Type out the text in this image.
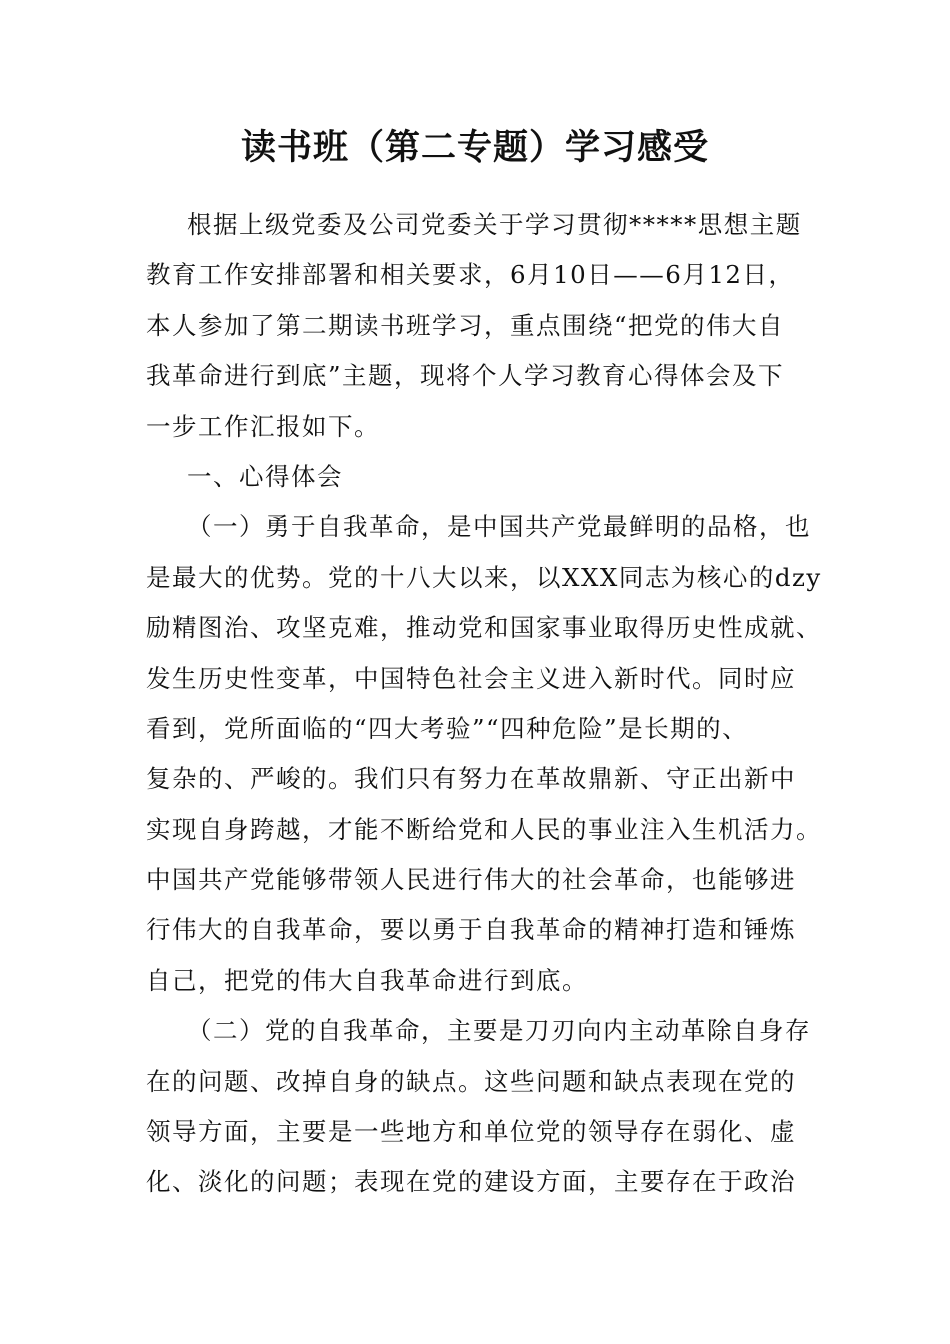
读书班（第二专题）学习感受
根据上级党委及公司党委关于学习贯彻*****思想主题
教育工作安排部署和相关要求，6月10日——6月12日，
本人参加了第二期读书班学习，重点围绕“把党的伟大自
我革命进行到底”主题，现将个人学习教育心得体会及下
一步工作汇报如下。
一、心得体会
（一）勇于自我革命，是中国共产党最鲜明的品格，也
是最大的优势。党的十八大以来，以XXX同志为核心的dzy
励精图治、攻坚克难，推动党和国家事业取得历史性成就、
发生历史性变革，中国特色社会主义进入新时代。同时应
看到，党所面临的“四大考验”“四种危险”是长期的、
复杂的、严峻的。我们只有努力在革故鼎新、守正出新中
实现自身跨越，才能不断给党和人民的事业注入生机活力。
中国共产党能够带领人民进行伟大的社会革命，也能够进
行伟大的自我革命，要以勇于自我革命的精神打造和锤炼
自己，把党的伟大自我革命进行到底。
（二）党的自我革命，主要是刀刃向内主动革除自身存
在的问题、改掉自身的缺点。这些问题和缺点表现在党的
领导方面，主要是一些地方和单位党的领导存在弱化、虚
化、淡化的问题；表现在党的建设方面，主要存在于政治
